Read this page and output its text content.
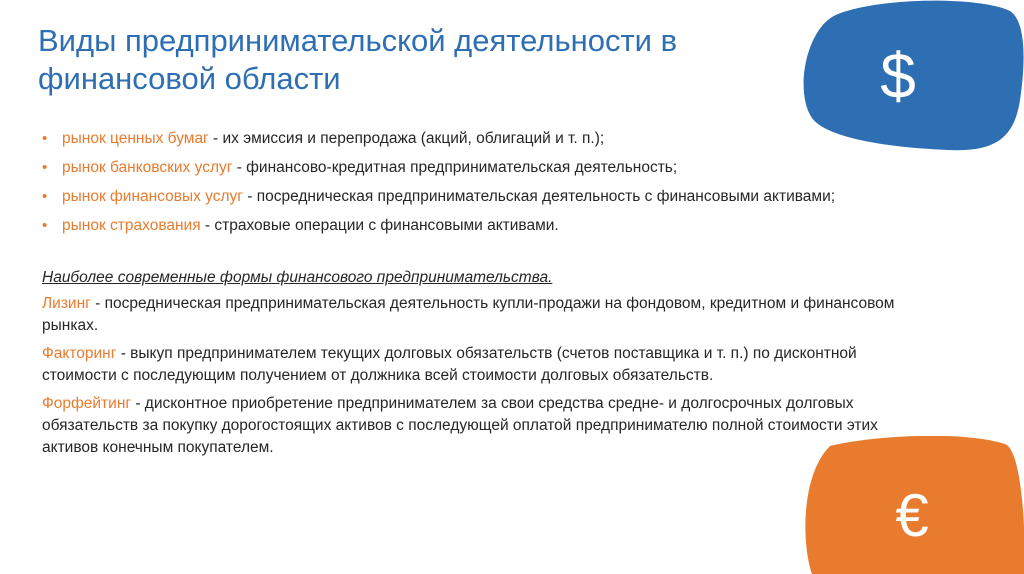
Виды предпринимательской деятельности в финансовой области	$
€
• рынок ценных бумаг - их эмиссия и перепродажа (акций, облигаций и т. п.);
• рынок банковских услуг - финансово-кредитная предпринимательская деятельность;
• рынок финансовых услуг - посредническая предпринимательская деятельность с финансовыми активами;
• рынок страхования - страховые операции с финансовыми активами.
Наиболее современные формы финансового предпринимательства.

Лизинг - посредническая предпринимательская деятельность купли-продажи на фондовом, кредитном и финансовом рынках.

Факторинг - выкуп предпринимателем текущих долговых обязательств (счетов поставщика и т. п.) по дисконтной стоимости с последующим получением от должника всей стоимости долговых обязательств.

Форфейтинг - дисконтное приобретение предпринимателем за свои средства средне- и долгосрочных долговых обязательств за покупку дорогостоящих активов с последующей оплатой предпринимателю полной стоимости этих активов конечным покупателем.
